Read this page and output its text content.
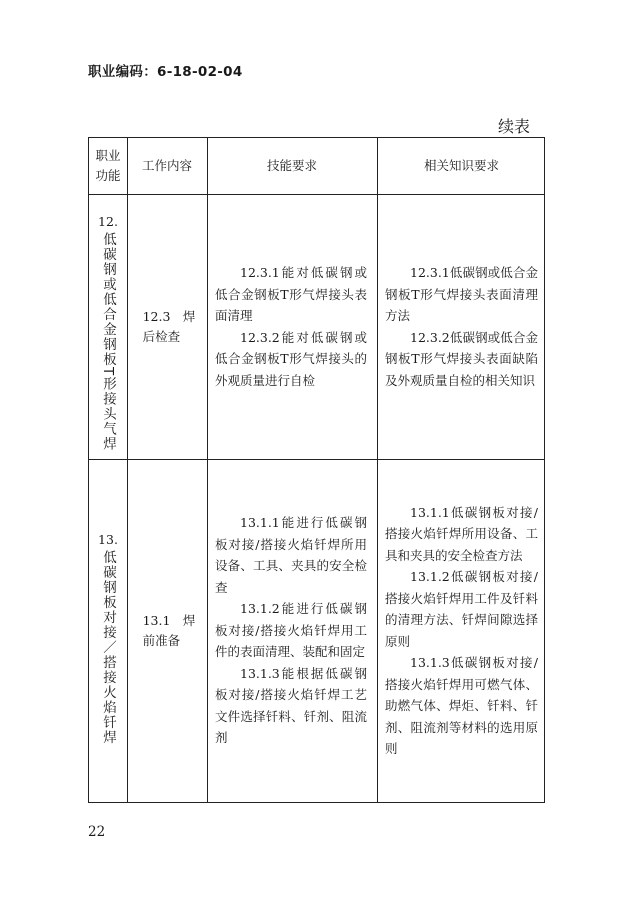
职业编码：6-18-02-04
续表
职业
功能
工作内容	技能要求	相关知识要求
12.
低碳钢或低合金钢板T形接头气焊 12.3　焊
后检查
12.3.1能对低碳钢或低合金钢板T形气焊接头表面清理
12.3.2能对低碳钢或低合金钢板T形气焊接头的外观质量进行自检
12.3.1低碳钢或低合金钢板T形气焊接头表面清理方法
12.3.2低碳钢或低合金钢板T形气焊接头表面缺陷及外观质量自检的相关知识
13.
低碳钢板对接／搭接火焰钎焊 13.1　焊
前准备
13.1.1能进行低碳钢板对接/搭接火焰钎焊所用设备、工具、夹具的安全检查
13.1.2能进行低碳钢板对接/搭接火焰钎焊用工件的表面清理、装配和固定
13.1.3能根据低碳钢板对接/搭接火焰钎焊工艺文件选择钎料、钎剂、阻流剂
13.1.1低碳钢板对接/搭接火焰钎焊所用设备、工具和夹具的安全检查方法
13.1.2低碳钢板对接/搭接火焰钎焊用工件及钎料的清理方法、钎焊间隙选择原则
13.1.3低碳钢板对接/搭接火焰钎焊用可燃气体、助燃气体、焊炬、钎料、钎剂、阻流剂等材料的选用原则
22
